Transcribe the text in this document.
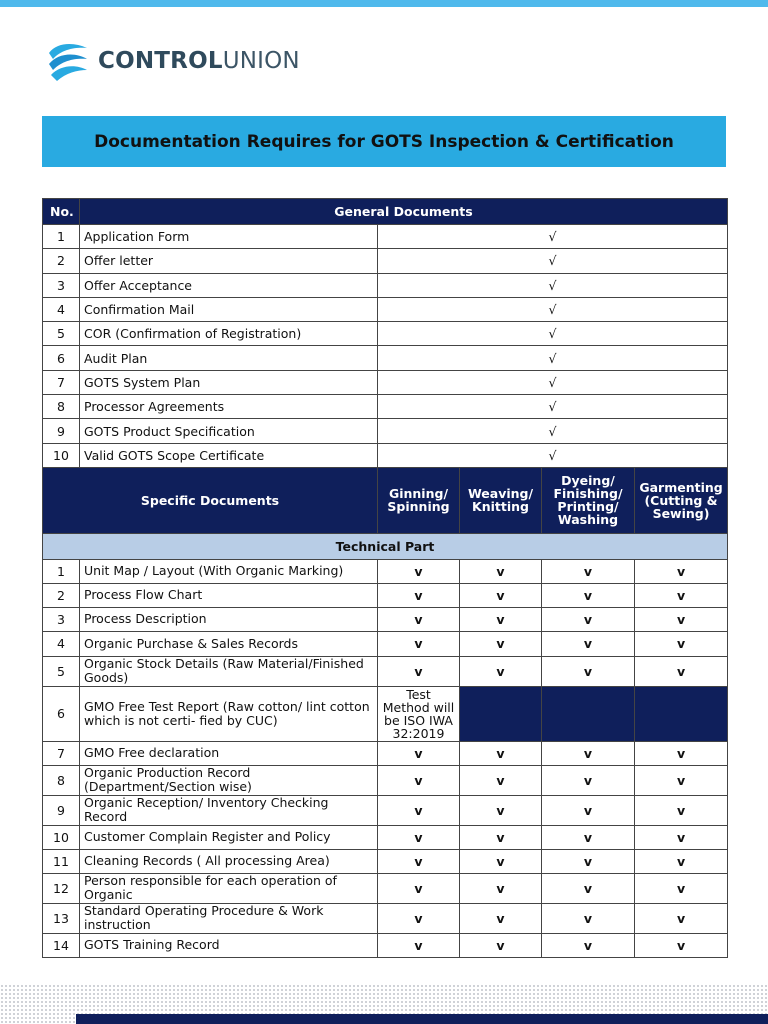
CONTROLUNION
Documentation Requires for GOTS Inspection & Certification
No.	General Documents				
1	Application Form	√			
2	Offer letter	√			
3	Offer Acceptance	√			
4	Confirmation Mail	√			
5	COR (Confirmation of Registration)	√			
6	Audit Plan	√			
7	GOTS System Plan	√			
8	Processor Agreements	√			
9	GOTS Product Specification	√			
10	Valid GOTS Scope Certificate	√			
Specific Documents		Ginning/ Spinning	Weaving/ Knitting	Dyeing/ Finishing/ Printing/ Washing	Garmenting (Cutting & Sewing)
Technical Part					
1	Unit Map / Layout (With Organic Marking)	v	v	v	v
2	Process Flow Chart	v	v	v	v
3	Process Description	v	v	v	v
4	Organic Purchase & Sales Records	v	v	v	v
5	Organic Stock Details (Raw Material/Finished Goods)	v	v	v	v
6	GMO Free Test Report (Raw cotton/ lint cotton which is not certi- fied by CUC)	Test Method will be ISO IWA 32:2019			
7	GMO Free declaration	v	v	v	v
8	Organic Production Record (Department/Section wise)	v	v	v	v
9	Organic Reception/ Inventory Checking Record	v	v	v	v
10	Customer Complain Register and Policy	v	v	v	v
11	Cleaning Records ( All processing Area)	v	v	v	v
12	Person responsible for each operation of Organic	v	v	v	v
13	Standard Operating Procedure & Work instruction	v	v	v	v
14	GOTS Training Record	v	v	v	v
